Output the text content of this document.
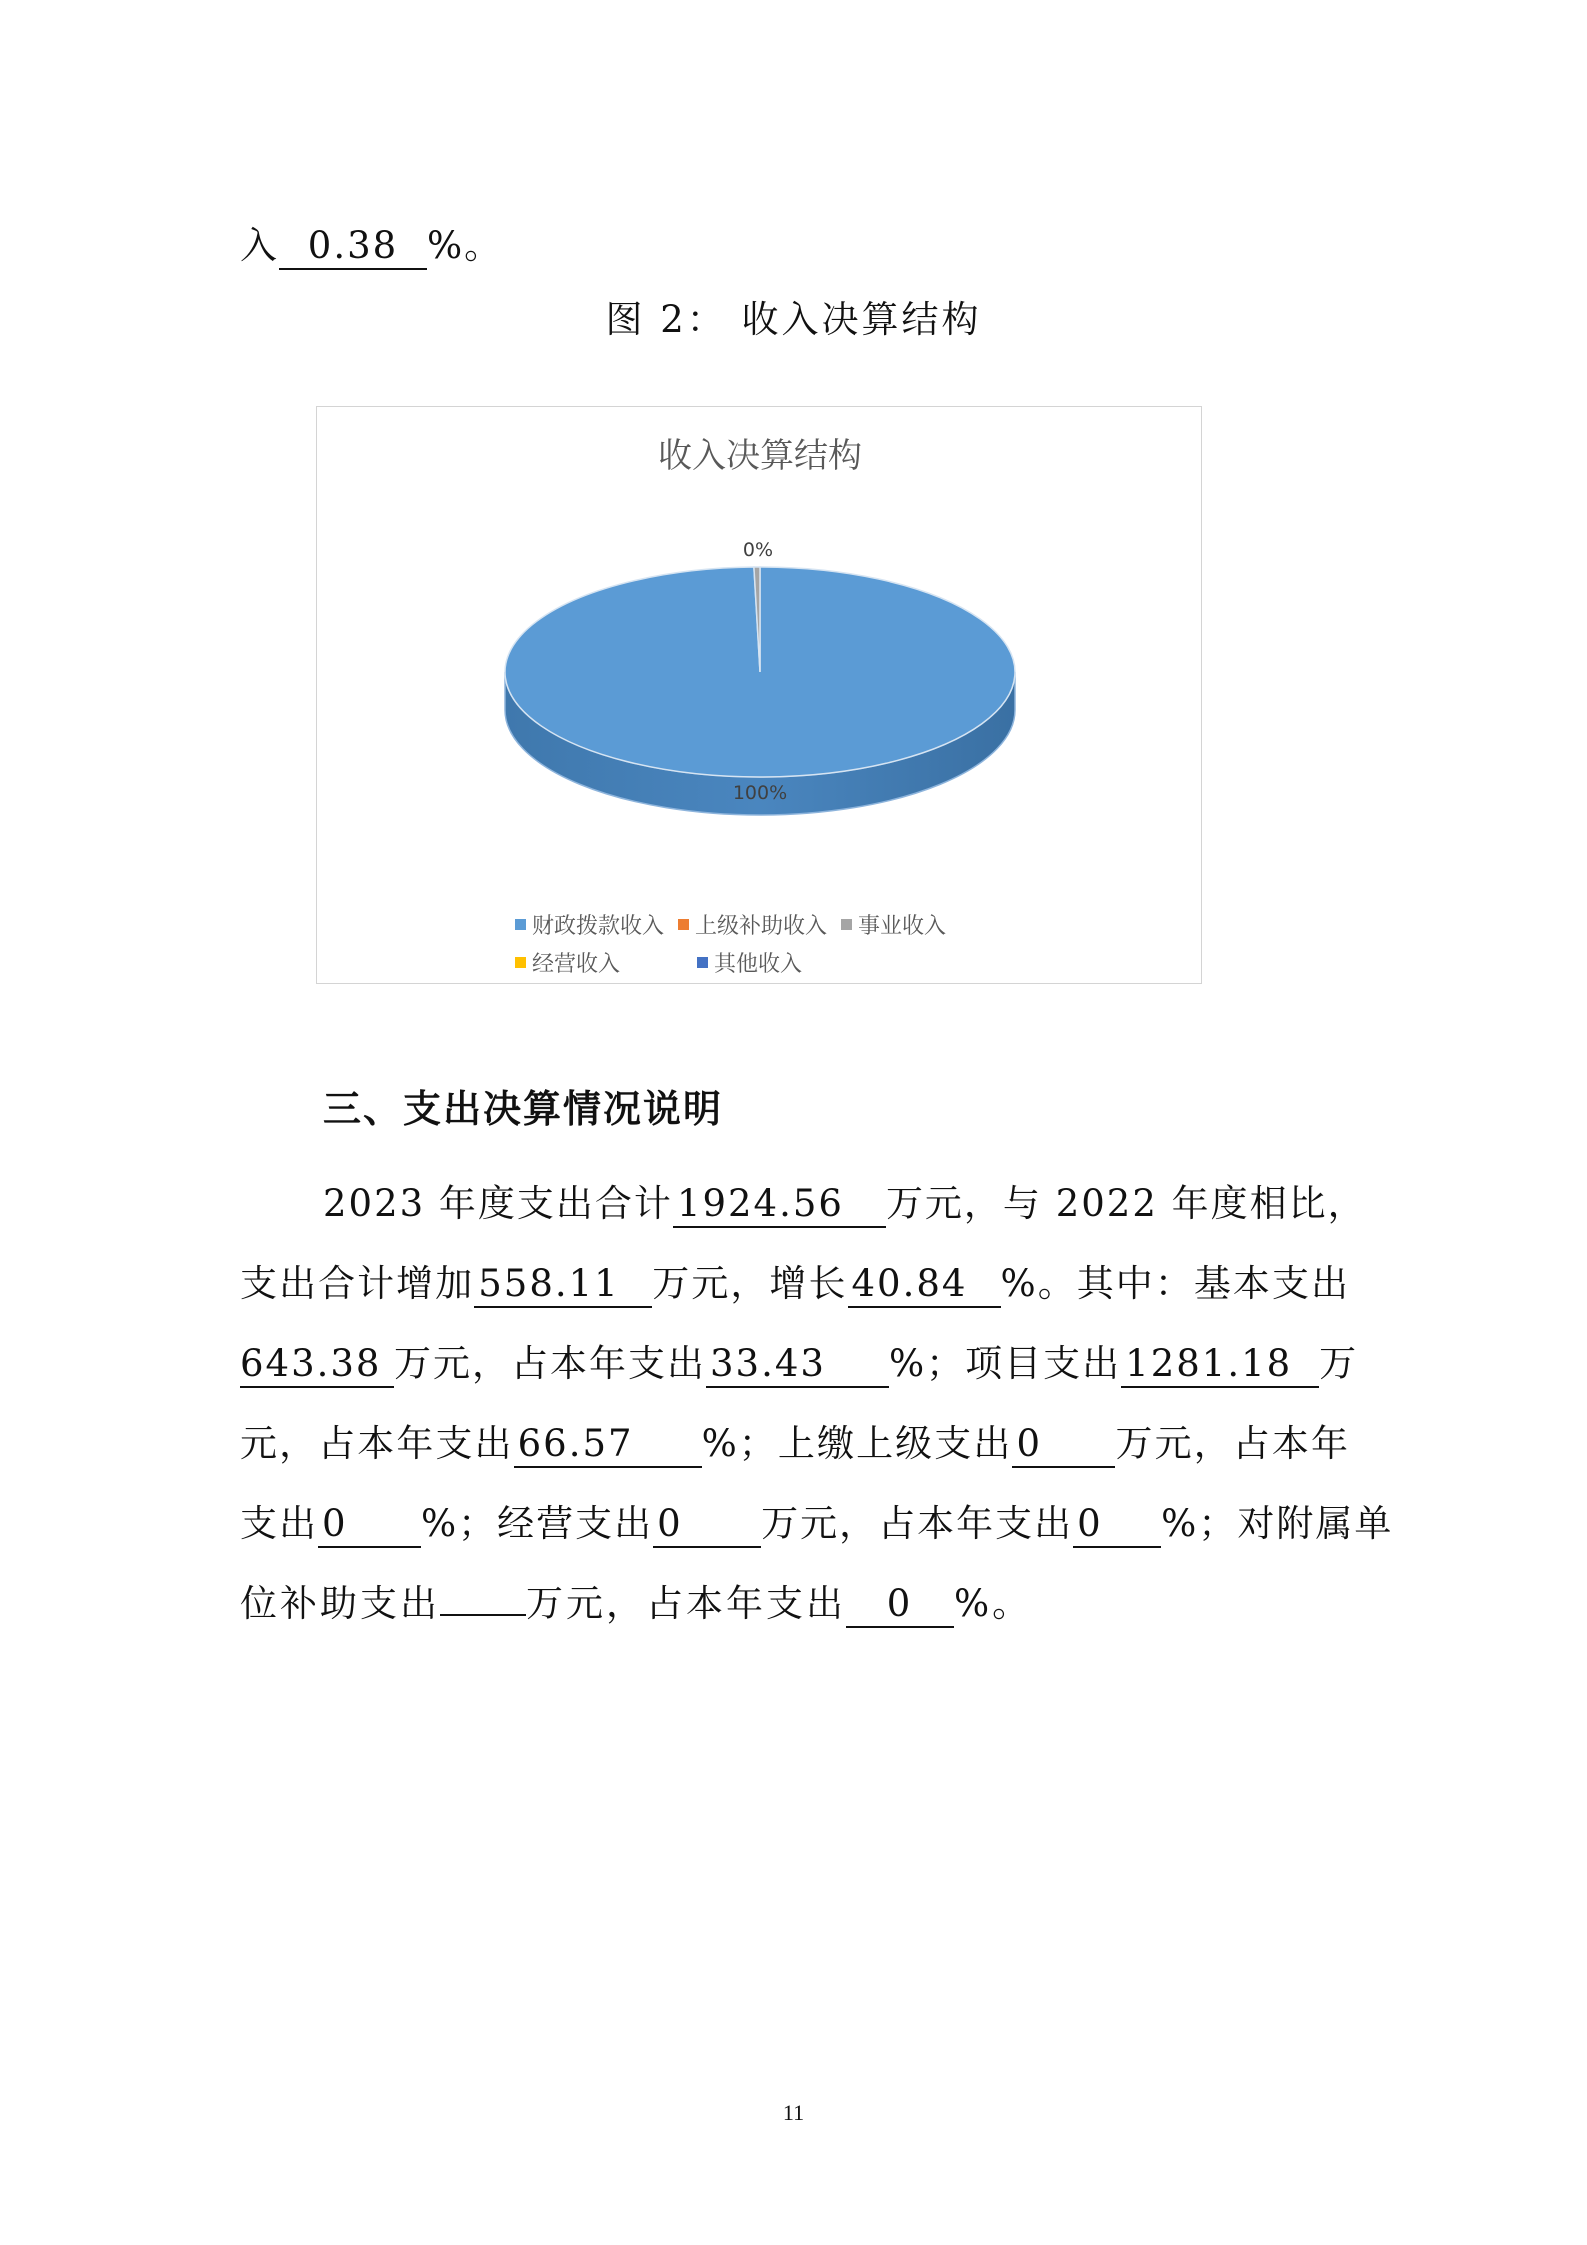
入 0.38 %。
图 2： 收入决算结构
收入决算结构
100%
0%
财政拨款收入 上级补助收入 事业收入
经营收入	其他收入
三、支出决算情况说明
2023 年度支出合计 1924.56 万元，与 2022 年度相比，
支出合计增加 558.11 万元，增长 40.84 %。其中：基本支出
643.38 万元，占本年支出 33.43 %；项目支出 1281.18 万
元，占本年支出 66.57 %；上缴上级支出 0 万元，占本年
支出 0 %；经营支出 0 万元，占本年支出 0 %；对附属单
位补助支出 万元，占本年支出 0 %。
11
